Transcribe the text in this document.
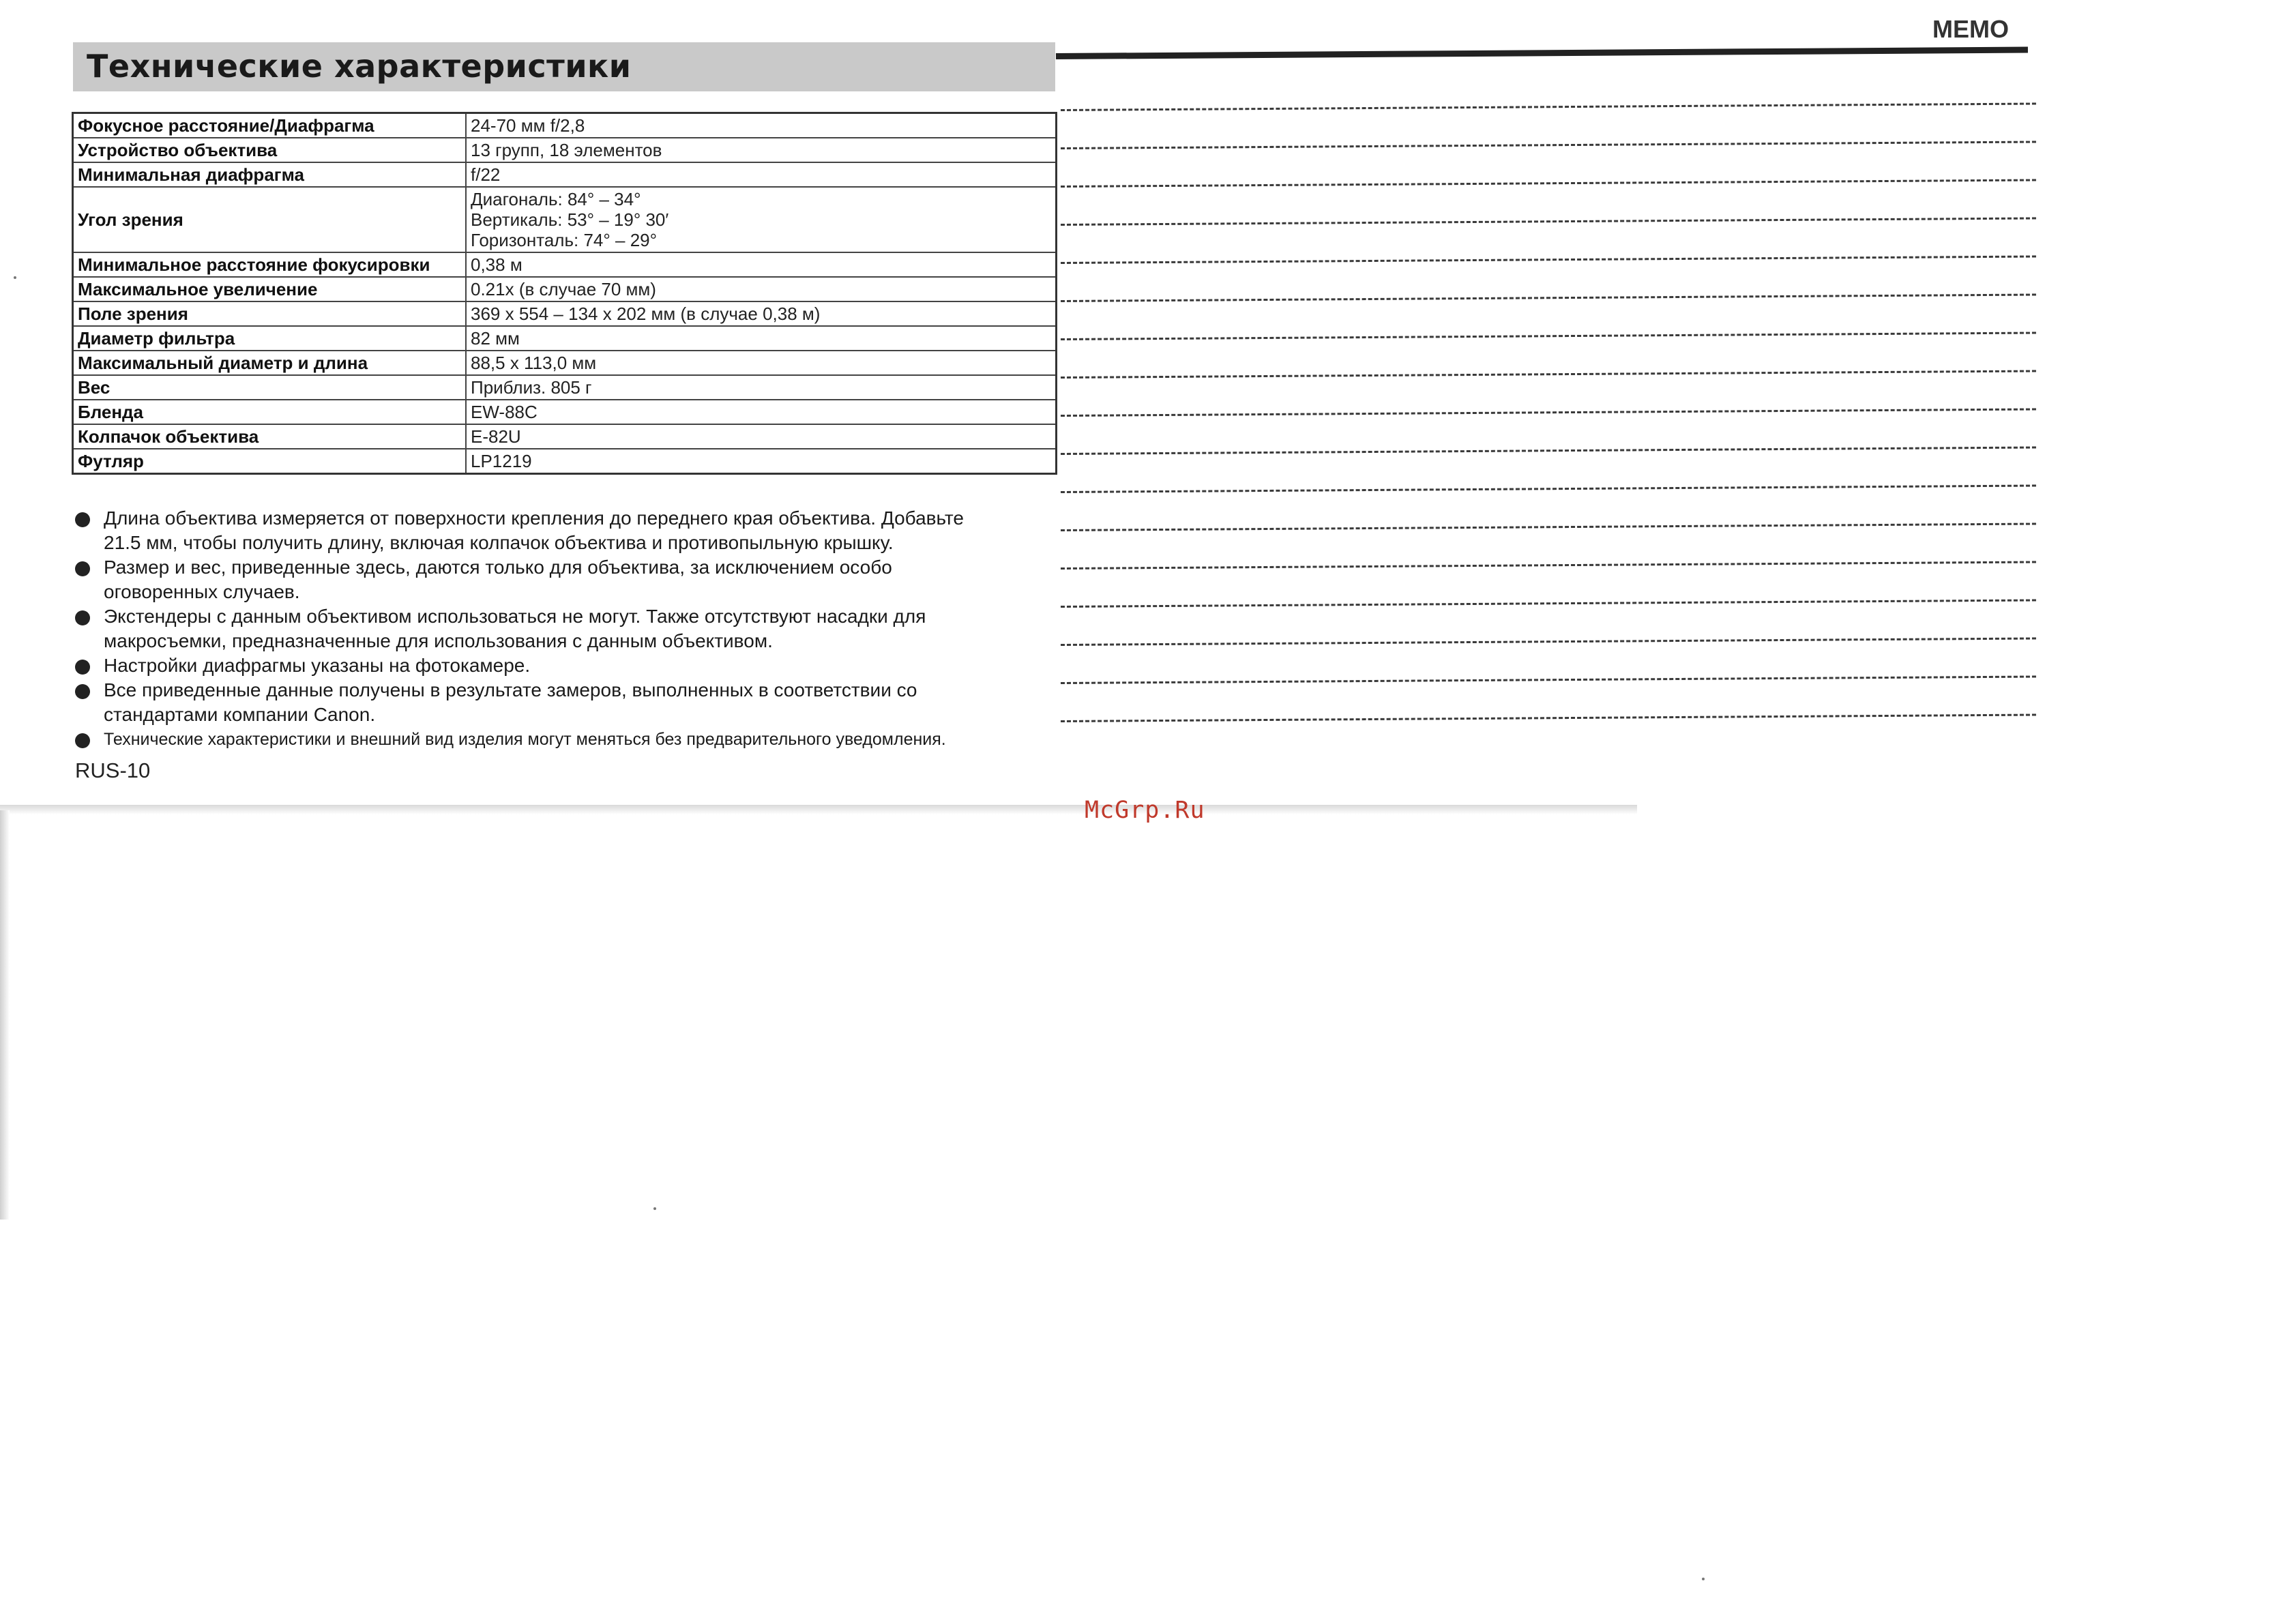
Технические характеристики
Фокусное расстояние/Диафрагма	24-70 мм f/2,8

Устройство объектива	13 групп, 18 элементов

Минимальная диафрагма	f/22

Угол зрения	Диагональ: 84° – 34°
Вертикаль: 53° – 19° 30′
Горизонталь: 74° – 29°

Минимальное расстояние фокусировки	0,38 м

Максимальное увеличение	0.21x (в случае 70 мм)

Поле зрения	369 x 554 – 134 x 202 мм (в случае 0,38 м)

Диаметр фильтра	82 мм

Максимальный диаметр и длина	88,5 x 113,0 мм

Вес	Приблиз. 805 г

Бленда	EW-88C

Колпачок объектива	E-82U

Футляр	LP1219
Длина объектива измеряется от поверхности крепления до переднего края объектива. Добавьте
21.5 мм, чтобы получить длину, включая колпачок объектива и противопыльную крышку.
Размер и вес, приведенные здесь, даются только для объектива, за исключением особо
оговоренных случаев.
Экстендеры с данным объективом использоваться не могут. Также отсутствуют насадки для
макросъемки, предназначенные для использования с данным объективом.
Настройки диафрагмы указаны на фотокамере.
Все приведенные данные получены в результате замеров, выполненных в соответствии со
стандартами компании Canon.
Технические характеристики и внешний вид изделия могут меняться без предварительного уведомления.
RUS-10
MEMO
McGrp.Ru
